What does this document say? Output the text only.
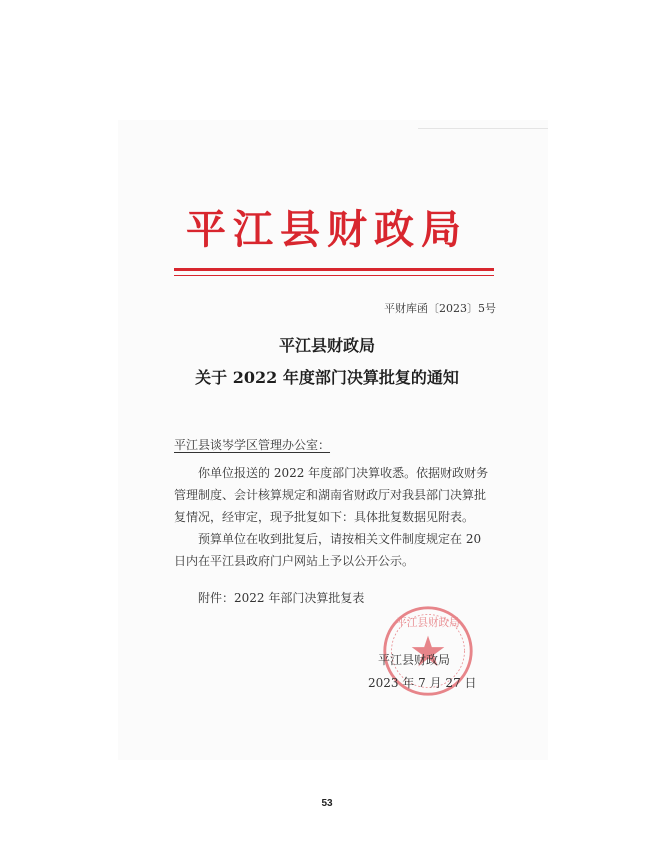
平江县财政局
平财库函〔2023〕5号
平江县财政局
关于 2022 年度部门决算批复的通知
平江县谈岑学区管理办公室：

你单位报送的 2022 年度部门决算收悉。依据财政财务管理制度、会计核算规定和湖南省财政厅对我县部门决算批复情况，经审定，现予批复如下：具体批复数据见附表。

预算单位在收到批复后，请按相关文件制度规定在 20 日内在平江县政府门户网站上予以公开公示。

附件：2022 年部门决算批复表
平江县财政局
平江县财政局
2023 年 7 月 27 日
53
